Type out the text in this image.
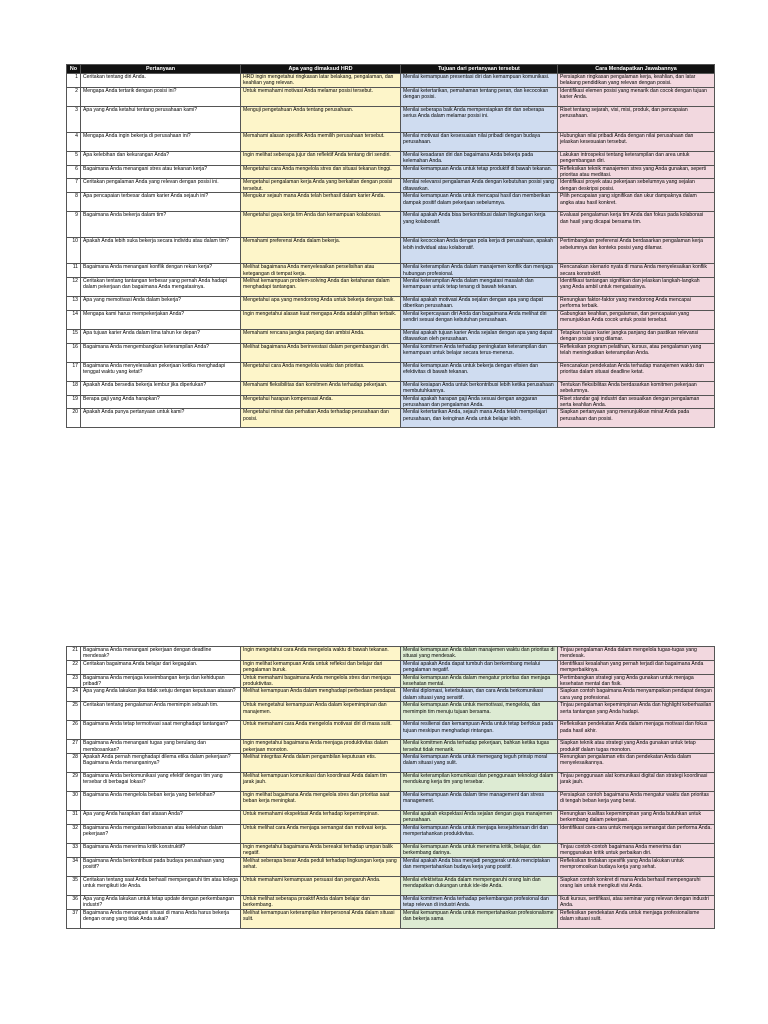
No	Pertanyaan	Apa yang dimaksud HRD	Tujuan dari pertanyaan tersebut	Cara Mendapatkan Jawabannya
1	Ceritakan tentang diri Anda.	HRD ingin mengetahui ringkasan latar belakang, pengalaman, dan keahlian yang relevan.	Menilai kemampuan presentasi diri dan kemampuan komunikasi.	Persiapkan ringkasan pengalaman kerja, keahlian, dan latar belakang pendidikan yang relevan dengan posisi.
2	Mengapa Anda tertarik dengan posisi ini?	Untuk memahami motivasi Anda melamar posisi tersebut.	Menilai ketertarikan, pemahaman tentang peran, dan kecocokan dengan posisi.	Identifikasi elemen posisi yang menarik dan cocok dengan tujuan karier Anda.
3	Apa yang Anda ketahui tentang perusahaan kami?	Menguji pengetahuan Anda tentang perusahaan.	Menilai seberapa baik Anda mempersiapkan diri dan seberapa serius Anda dalam melamar posisi ini.	Riset tentang sejarah, visi, misi, produk, dan pencapaian perusahaan.
4	Mengapa Anda ingin bekerja di perusahaan ini?	Memahami alasan spesifik Anda memilih perusahaan tersebut.	Menilai motivasi dan kesesuaian nilai pribadi dengan budaya perusahaan.	Hubungkan nilai pribadi Anda dengan nilai perusahaan dan jelaskan kesesuaian tersebut.
5	Apa kelebihan dan kekurangan Anda?	Ingin melihat seberapa jujur dan reflektif Anda tentang diri sendiri.	Menilai kesadaran diri dan bagaimana Anda bekerja pada kelemahan Anda.	Lakukan introspeksi tentang keterampilan dan area untuk pengembangan diri.
6	Bagaimana Anda menangani stres atau tekanan kerja?	Mengetahui cara Anda mengelola stres dan situasi tekanan tinggi.	Menilai kemampuan Anda untuk tetap produktif di bawah tekanan.	Refleksikan teknik manajemen stres yang Anda gunakan, seperti prioritas atau meditasi.
7	Ceritakan pengalaman Anda yang relevan dengan posisi ini.	Mengetahui pengalaman kerja Anda yang berkaitan dengan posisi tersebut.	Menilai relevansi pengalaman Anda dengan kebutuhan posisi yang ditawarkan.	Identifikasi proyek atau pekerjaan sebelumnya yang sejalan dengan deskripsi posisi.
8	Apa pencapaian terbesar dalam karier Anda sejauh ini?	Mengukur sejauh mana Anda telah berhasil dalam karier Anda.	Menilai kemampuan Anda untuk mencapai hasil dan memberikan dampak positif dalam pekerjaan sebelumnya.	Pilih pencapaian yang signifikan dan ukur dampaknya dalam angka atau hasil konkret.
9	Bagaimana Anda bekerja dalam tim?	Mengetahui gaya kerja tim Anda dan kemampuan kolaborasi.	Menilai apakah Anda bisa berkontribusi dalam lingkungan kerja yang kolaboratif.	Evaluasi pengalaman kerja tim Anda dan fokus pada kolaborasi dan hasil yang dicapai bersama tim.
10	Apakah Anda lebih suka bekerja secara individu atau dalam tim?	Memahami preferensi Anda dalam bekerja.	Menilai kecocokan Anda dengan pola kerja di perusahaan, apakah lebih individual atau kolaboratif.	Pertimbangkan preferensi Anda berdasarkan pengalaman kerja sebelumnya dan konteks posisi yang dilamar.
11	Bagaimana Anda menangani konflik dengan rekan kerja?	Melihat bagaimana Anda menyelesaikan perselisihan atau ketegangan di tempat kerja.	Menilai keterampilan Anda dalam manajemen konflik dan menjaga hubungan profesional.	Rencanakan skenario nyata di mana Anda menyelesaikan konflik secara konstruktif.
12	Ceritakan tentang tantangan terbesar yang pernah Anda hadapi dalam pekerjaan dan bagaimana Anda mengatasinya.	Melihat kemampuan problem-solving Anda dan ketahanan dalam menghadapi tantangan.	Menilai keterampilan Anda dalam mengatasi masalah dan kemampuan untuk tetap tenang di bawah tekanan.	Identifikasi tantangan signifikan dan jelaskan langkah-langkah yang Anda ambil untuk mengatasinya.
13	Apa yang memotivasi Anda dalam bekerja?	Mengetahui apa yang mendorong Anda untuk bekerja dengan baik.	Menilai apakah motivasi Anda sejalan dengan apa yang dapat diberikan perusahaan.	Renungkan faktor-faktor yang mendorong Anda mencapai performa terbaik.
14	Mengapa kami harus mempekerjakan Anda?	Ingin mengetahui alasan kuat mengapa Anda adalah pilihan terbaik.	Menilai kepercayaan diri Anda dan bagaimana Anda melihat diri sendiri sesuai dengan kebutuhan perusahaan.	Gabungkan keahlian, pengalaman, dan pencapaian yang menunjukkan Anda cocok untuk posisi tersebut.
15	Apa tujuan karier Anda dalam lima tahun ke depan?	Memahami rencana jangka panjang dan ambisi Anda.	Menilai apakah tujuan karier Anda sejalan dengan apa yang dapat ditawarkan oleh perusahaan.	Tetapkan tujuan karier jangka panjang dan pastikan relevansi dengan posisi yang dilamar.
16	Bagaimana Anda mengembangkan keterampilan Anda?	Melihat bagaimana Anda berinvestasi dalam pengembangan diri.	Menilai komitmen Anda terhadap peningkatan keterampilan dan kemampuan untuk belajar secara terus-menerus.	Refleksikan program pelatihan, kursus, atau pengalaman yang telah meningkatkan keterampilan Anda.
17	Bagaimana Anda menyelesaikan pekerjaan ketika menghadapi tenggat waktu yang ketat?	Mengetahui cara Anda mengelola waktu dan prioritas.	Menilai kemampuan Anda untuk bekerja dengan efisien dan efektivitas di bawah tekanan.	Rencanakan pendekatan Anda terhadap manajemen waktu dan prioritas dalam situasi deadline ketat.
18	Apakah Anda bersedia bekerja lembur jika diperlukan?	Memahami fleksibilitas dan komitmen Anda terhadap pekerjaan.	Menilai kesiapan Anda untuk berkontribusi lebih ketika perusahaan membutuhkannya.	Tentukan fleksibilitas Anda berdasarkan komitmen pekerjaan sebelumnya.
19	Berapa gaji yang Anda harapkan?	Mengetahui harapan kompensasi Anda.	Menilai apakah harapan gaji Anda sesuai dengan anggaran perusahaan dan pengalaman Anda.	Riset standar gaji industri dan sesuaikan dengan pengalaman serta keahlian Anda.
20	Apakah Anda punya pertanyaan untuk kami?	Mengetahui minat dan perhatian Anda terhadap perusahaan dan posisi.	Menilai ketertarikan Anda, sejauh mana Anda telah mempelajari perusahaan, dan keinginan Anda untuk belajar lebih.	Siapkan pertanyaan yang menunjukkan minat Anda pada perusahaan dan posisi.
21	Bagaimana Anda menangani pekerjaan dengan deadline mendesak?	Ingin mengetahui cara Anda mengelola waktu di bawah tekanan.	Menilai kemampuan Anda dalam manajemen waktu dan prioritas di situasi yang mendesak.	Tinjau pengalaman Anda dalam mengelola tugas-tugas yang mendesak.
22	Ceritakan bagaimana Anda belajar dari kegagalan.	Ingin melihat kemampuan Anda untuk refleksi dan belajar dari pengalaman buruk.	Menilai apakah Anda dapat tumbuh dan berkembang melalui pengalaman negatif.	Identifikasi kesalahan yang pernah terjadi dan bagaimana Anda memperbaikinya.
23	Bagaimana Anda menjaga keseimbangan kerja dan kehidupan pribadi?	Untuk memahami bagaimana Anda mengelola stres dan menjaga produktivitas.	Menilai kemampuan Anda dalam mengatur prioritas dan menjaga kesehatan mental.	Pertimbangkan strategi yang Anda gunakan untuk menjaga kesehatan mental dan fisik.
24	Apa yang Anda lakukan jika tidak setuju dengan keputusan atasan?	Melihat kemampuan Anda dalam menghadapi perbedaan pendapat.	Menilai diplomasi, keterbukaan, dan cara Anda berkomunikasi dalam situasi yang sensitif.	Siapkan contoh bagaimana Anda menyampaikan pendapat dengan cara yang profesional.
25	Ceritakan tentang pengalaman Anda memimpin sebuah tim.	Untuk mengetahui kemampuan Anda dalam kepemimpinan dan manajemen.	Menilai kemampuan Anda untuk memotivasi, mengelola, dan memimpin tim menuju tujuan bersama.	Tinjau pengalaman kepemimpinan Anda dan highlight keberhasilan serta tantangan yang Anda hadapi.
26	Bagaimana Anda tetap termotivasi saat menghadapi tantangan?	Untuk memahami cara Anda mengelola motivasi diri di masa sulit.	Menilai resiliensi dan kemampuan Anda untuk tetap berfokus pada tujuan meskipun menghadapi rintangan.	Refleksikan pendekatan Anda dalam menjaga motivasi dan fokus pada hasil akhir.
27	Bagaimana Anda menangani tugas yang berulang dan membosankan?	Ingin mengetahui bagaimana Anda menjaga produktivitas dalam pekerjaan monoton.	Menilai komitmen Anda terhadap pekerjaan, bahkan ketika tugas tersebut tidak menarik.	Siapkan teknik atau strategi yang Anda gunakan untuk tetap produktif dalam tugas monoton.
28	Apakah Anda pernah menghadapi dilema etika dalam pekerjaan? Bagaimana Anda menanganinya?	Melihat integritas Anda dalam pengambilan keputusan etis.	Menilai kemampuan Anda untuk memegang teguh prinsip moral dalam situasi yang sulit.	Renungkan pengalaman etis dan pendekatan Anda dalam menyelesaikannya.
29	Bagaimana Anda berkomunikasi yang efektif dengan tim yang tersebar di berbagai lokasi?	Melihat kemampuan komunikasi dan koordinasi Anda dalam tim jarak jauh.	Menilai keterampilan komunikasi dan penggunaan teknologi dalam mendukung kerja tim yang tersebar.	Tinjau penggunaan alat komunikasi digital dan strategi koordinasi jarak jauh.
30	Bagaimana Anda mengelola beban kerja yang berlebihan?	Ingin melihat bagaimana Anda mengelola stres dan prioritas saat beban kerja meningkat.	Menilai kemampuan Anda dalam time management dan stress management.	Persiapkan contoh bagaimana Anda mengatur waktu dan prioritas di tengah beban kerja yang berat.
31	Apa yang Anda harapkan dari atasan Anda?	Untuk memahami ekspektasi Anda terhadap kepemimpinan.	Menilai apakah ekspektasi Anda sejalan dengan gaya manajemen perusahaan.	Renungkan kualitas kepemimpinan yang Anda butuhkan untuk berkembang dalam pekerjaan.
32	Bagaimana Anda mengatasi kebosanan atau kelelahan dalam pekerjaan?	Untuk melihat cara Anda menjaga semangat dan motivasi kerja.	Menilai kemampuan Anda untuk menjaga kesejahteraan diri dan mempertahankan produktivitas.	Identifikasi cara-cara untuk menjaga semangat dan performa Anda.
33	Bagaimana Anda menerima kritik konstruktif?	Ingin mengetahui bagaimana Anda bereaksi terhadap umpan balik negatif.	Menilai kemampuan Anda untuk menerima kritik, belajar, dan berkembang darinya.	Tinjau contoh-contoh bagaimana Anda menerima dan menggunakan kritik untuk perbaikan diri.
34	Bagaimana Anda berkontribusi pada budaya perusahaan yang positif?	Melihat seberapa besar Anda peduli terhadap lingkungan kerja yang sehat.	Menilai apakah Anda bisa menjadi penggerak untuk menciptakan dan mempertahankan budaya kerja yang positif.	Refleksikan tindakan spesifik yang Anda lakukan untuk mempromosikan budaya kerja yang sehat.
35	Ceritakan tentang saat Anda berhasil mempengaruhi tim atau kolega untuk mengikuti ide Anda.	Untuk memahami kemampuan persuasi dan pengaruh Anda.	Menilai efektivitas Anda dalam mempengaruhi orang lain dan mendapatkan dukungan untuk ide-ide Anda.	Siapkan contoh konkret di mana Anda berhasil mempengaruhi orang lain untuk mengikuti visi Anda.
36	Apa yang Anda lakukan untuk tetap update dengan perkembangan industri?	Untuk melihat seberapa proaktif Anda dalam belajar dan berkembang.	Menilai komitmen Anda terhadap perkembangan profesional dan tetap relevan di industri Anda.	Ikuti kursus, sertifikasi, atau seminar yang relevan dengan industri Anda.
37	Bagaimana Anda menangani situasi di mana Anda harus bekerja dengan orang yang tidak Anda sukai?	Melihat kemampuan keterampilan interpersonal Anda dalam situasi sulit.	Menilai kemampuan Anda untuk mempertahankan profesionalisme dan bekerja sama	Refleksikan pendekatan Anda untuk menjaga profesionalisme dalam situasi sulit.
